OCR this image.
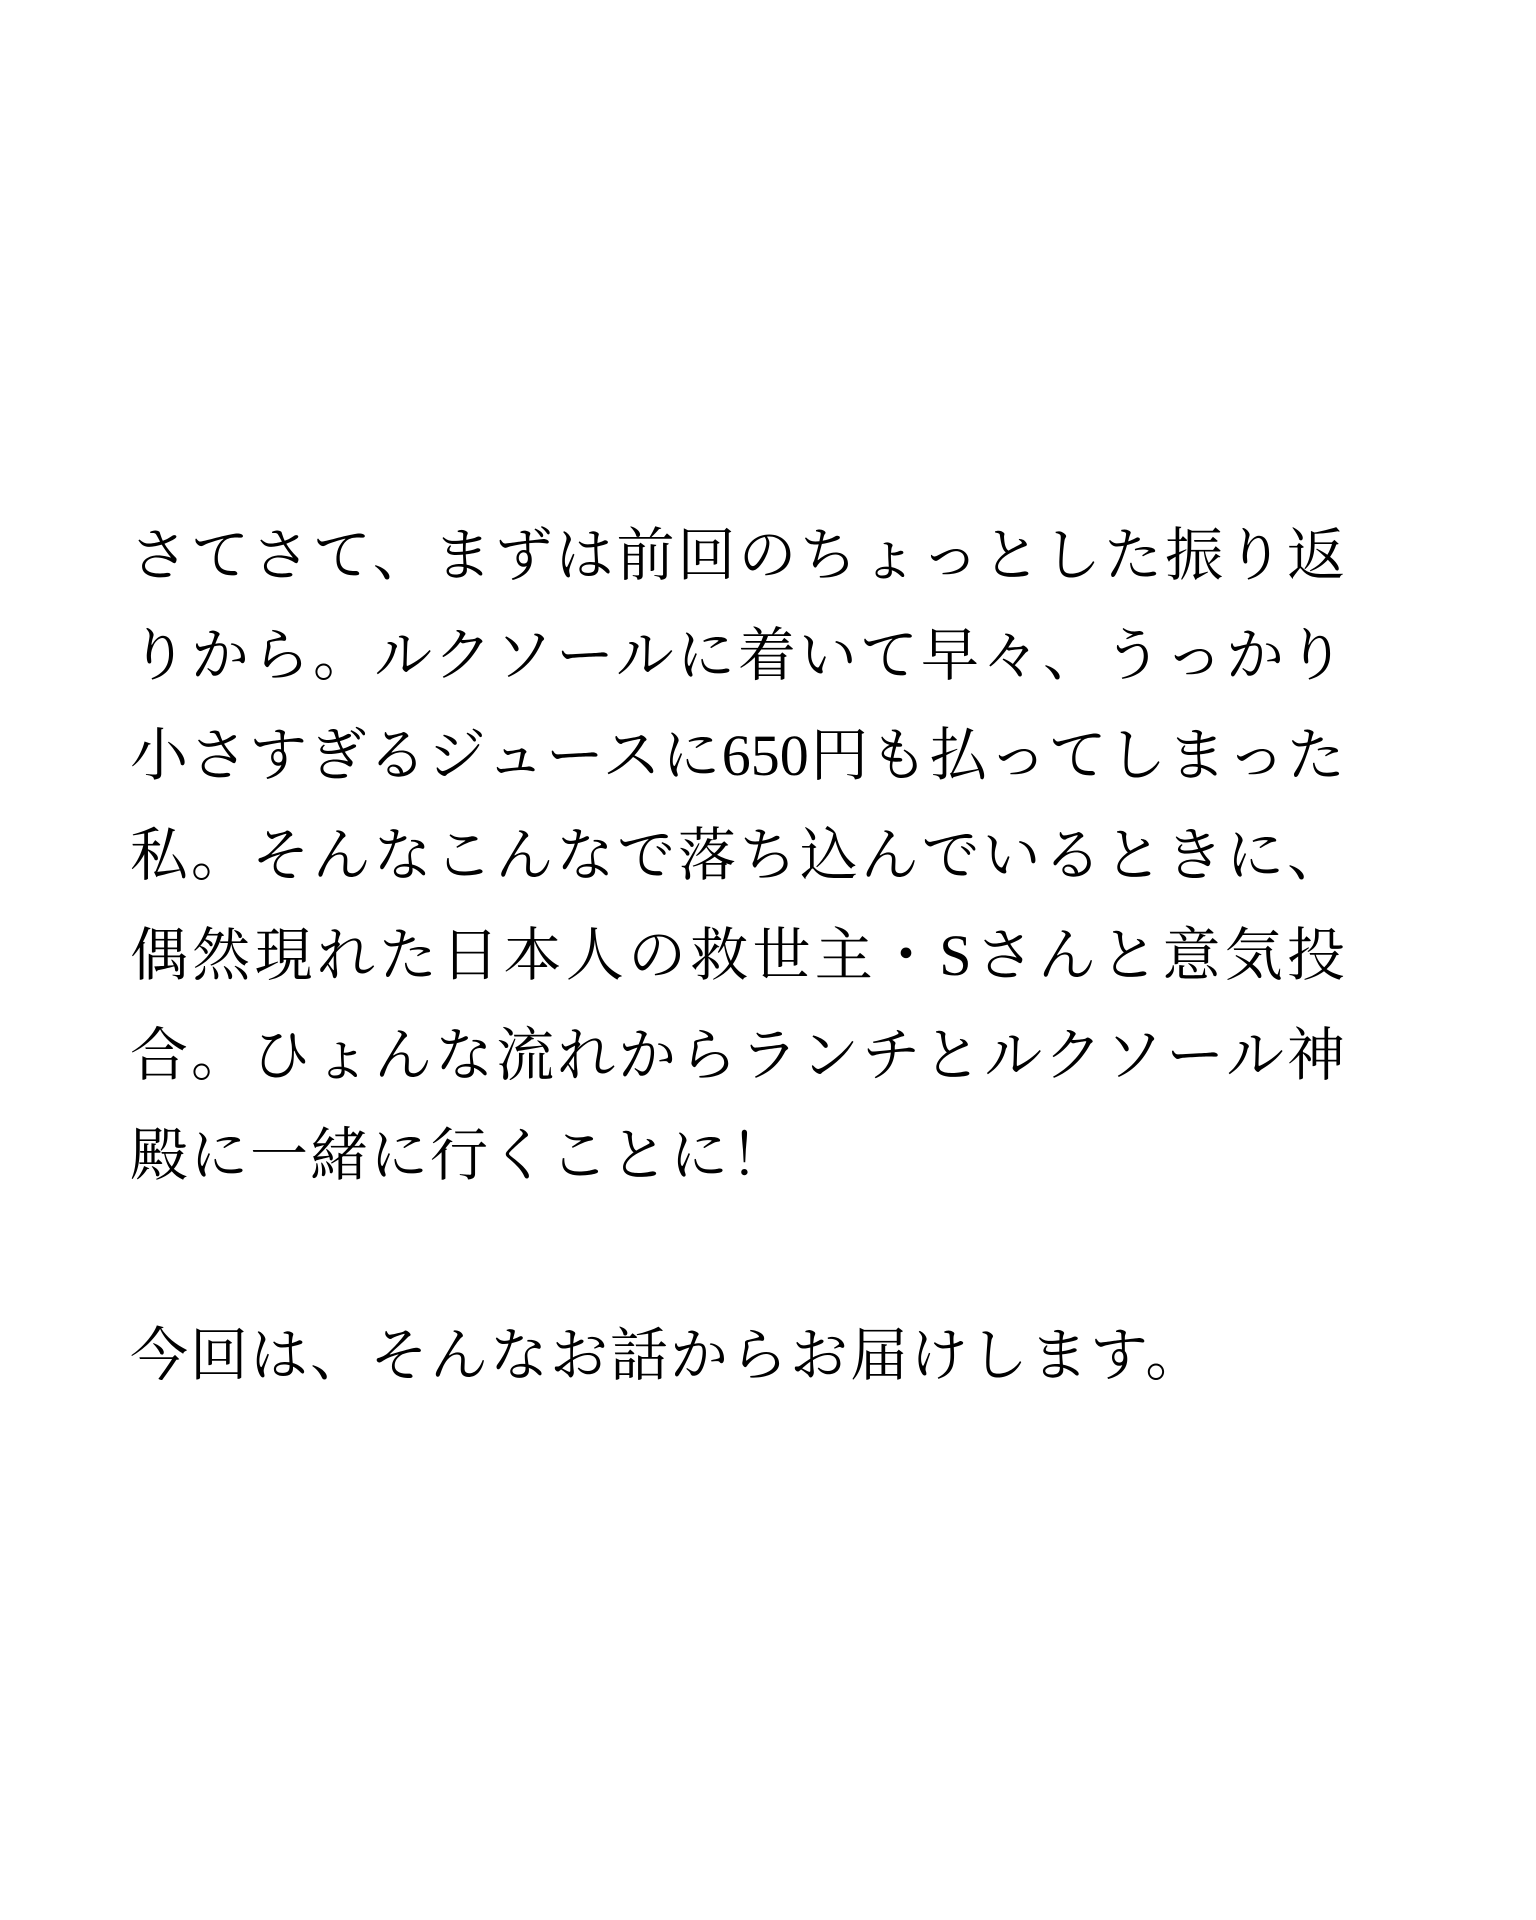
さてさて、まずは前回のちょっとした振り返
りから。ルクソールに着いて早々、うっかり
小さすぎるジュースに650円も払ってしまった
私。そんなこんなで落ち込んでいるときに、
偶然現れた日本人の救世主・Sさんと意気投
合。ひょんな流れからランチとルクソール神
殿に一緒に行くことに！
今回は、そんなお話からお届けします。
